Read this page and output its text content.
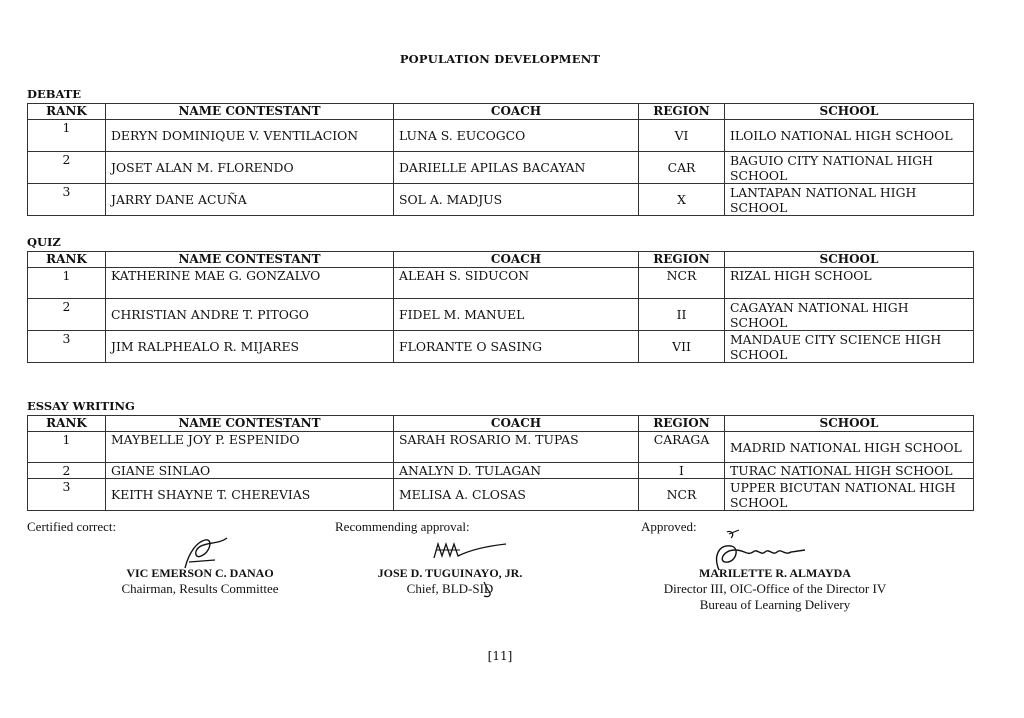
POPULATION DEVELOPMENT
DEBATE
RANK	NAME CONTESTANT	COACH	REGION	SCHOOL
1	DERYN DOMINIQUE V. VENTILACION	LUNA S. EUCOGCO	VI	ILOILO NATIONAL HIGH SCHOOL
2	JOSET ALAN M. FLORENDO	DARIELLE APILAS BACAYAN	CAR	BAGUIO CITY NATIONAL HIGH SCHOOL
3	JARRY DANE ACUÑA	SOL A. MADJUS	X	LANTAPAN NATIONAL HIGH SCHOOL
QUIZ
RANK	NAME CONTESTANT	COACH	REGION	SCHOOL
1	KATHERINE MAE G. GONZALVO	ALEAH S. SIDUCON	NCR	RIZAL HIGH SCHOOL
2	CHRISTIAN ANDRE T. PITOGO	FIDEL M. MANUEL	II	CAGAYAN NATIONAL HIGH SCHOOL
3	JIM RALPHEALO R. MIJARES	FLORANTE O SASING	VII	MANDAUE CITY SCIENCE HIGH SCHOOL
ESSAY WRITING
RANK	NAME CONTESTANT	COACH	REGION	SCHOOL
1	MAYBELLE JOY P. ESPENIDO	SARAH ROSARIO M. TUPAS	CARAGA	MADRID NATIONAL HIGH SCHOOL
2	GIANE SINLAO	ANALYN D. TULAGAN	I	TURAC NATIONAL HIGH SCHOOL
3	KEITH SHAYNE T. CHEREVIAS	MELISA A. CLOSAS	NCR	UPPER BICUTAN NATIONAL HIGH SCHOOL
Certified correct:	Recommending approval:	Approved:
VIC EMERSON C. DANAO
Chairman, Results Committee
JOSE D. TUGUINAYO, JR.
Chief, BLD-SID
MARILETTE R. ALMAYDA
Director III, OIC-Office of the Director IV
Bureau of Learning Delivery
[11]
